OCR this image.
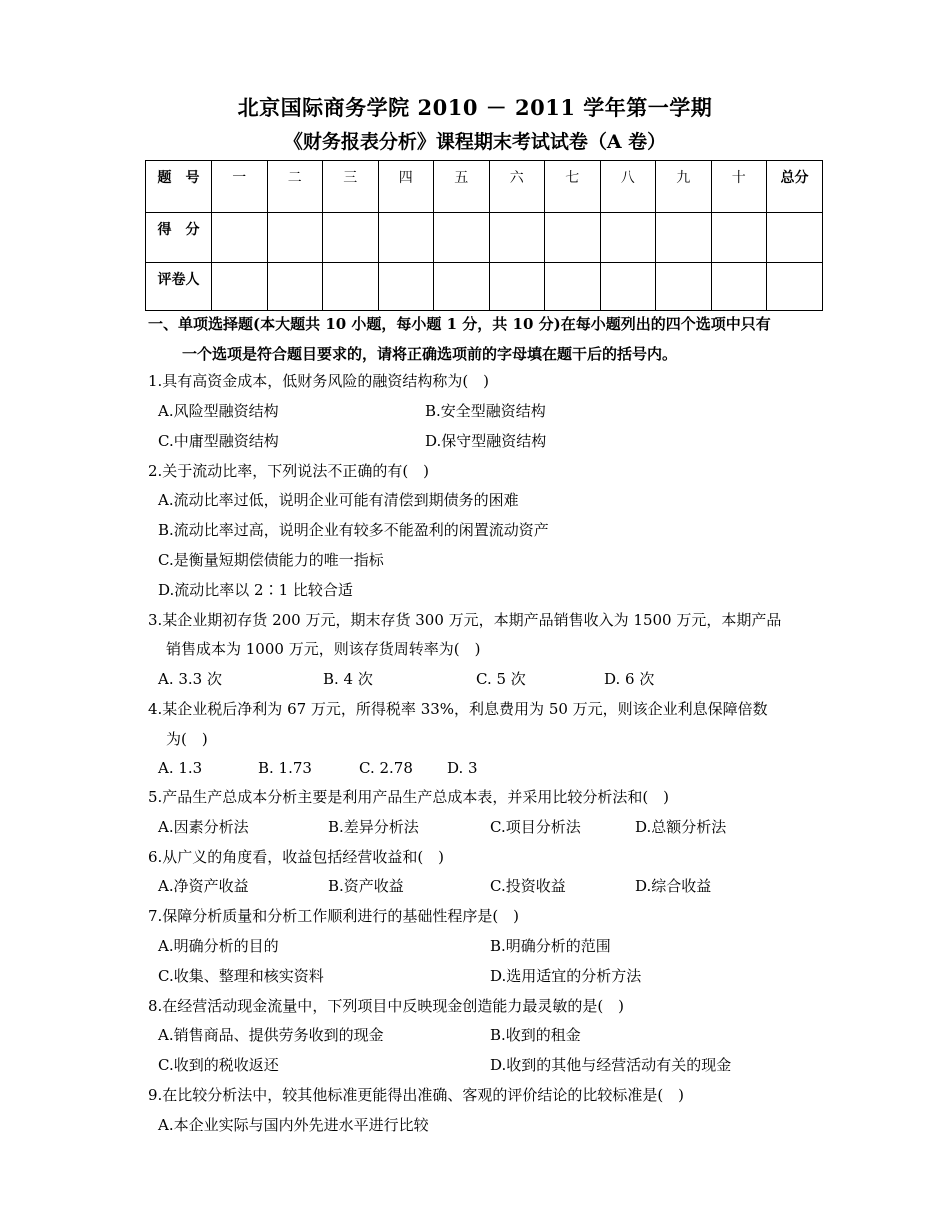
北京国际商务学院 2010 － 2011 学年第一学期
《财务报表分析》课程期末考试试卷（A 卷）
题　号	一	二	三	四	五	六	七	八	九	十	总分
得　分											
评卷人											
一、单项选择题(本大题共 10 小题，每小题 1 分，共 10 分)在每小题列出的四个选项中只有
一个选项是符合题目要求的，请将正确选项前的字母填在题干后的括号内。
1.具有高资金成本，低财务风险的融资结构称为(　)
A.风险型融资结构	B.安全型融资结构
C.中庸型融资结构	D.保守型融资结构
2.关于流动比率，下列说法不正确的有(　)
A.流动比率过低，说明企业可能有清偿到期债务的困难
B.流动比率过高，说明企业有较多不能盈利的闲置流动资产
C.是衡量短期偿债能力的唯一指标
D.流动比率以 2∶1 比较合适
3.某企业期初存货 200 万元，期末存货 300 万元，本期产品销售收入为 1500 万元，本期产品
销售成本为 1000 万元，则该存货周转率为(　)
A. 3.3 次	B. 4 次	C. 5 次	D. 6 次
4.某企业税后净利为 67 万元，所得税率 33%，利息费用为 50 万元，则该企业利息保障倍数
为(　)
A. 1.3	B. 1.73	C. 2.78 D. 3
5.产品生产总成本分析主要是利用产品生产总成本表，并采用比较分析法和(　)
A.因素分析法	B.差异分析法	C.项目分析法	D.总额分析法
6.从广义的角度看，收益包括经营收益和(　)
A.净资产收益	B.资产收益	C.投资收益	D.综合收益
7.保障分析质量和分析工作顺利进行的基础性程序是(　)
A.明确分析的目的	B.明确分析的范围
C.收集、整理和核实资料	D.选用适宜的分析方法
8.在经营活动现金流量中，下列项目中反映现金创造能力最灵敏的是(　)
A.销售商品、提供劳务收到的现金	B.收到的租金
C.收到的税收返还	D.收到的其他与经营活动有关的现金
9.在比较分析法中，较其他标准更能得出准确、客观的评价结论的比较标准是(　)
A.本企业实际与国内外先进水平进行比较
